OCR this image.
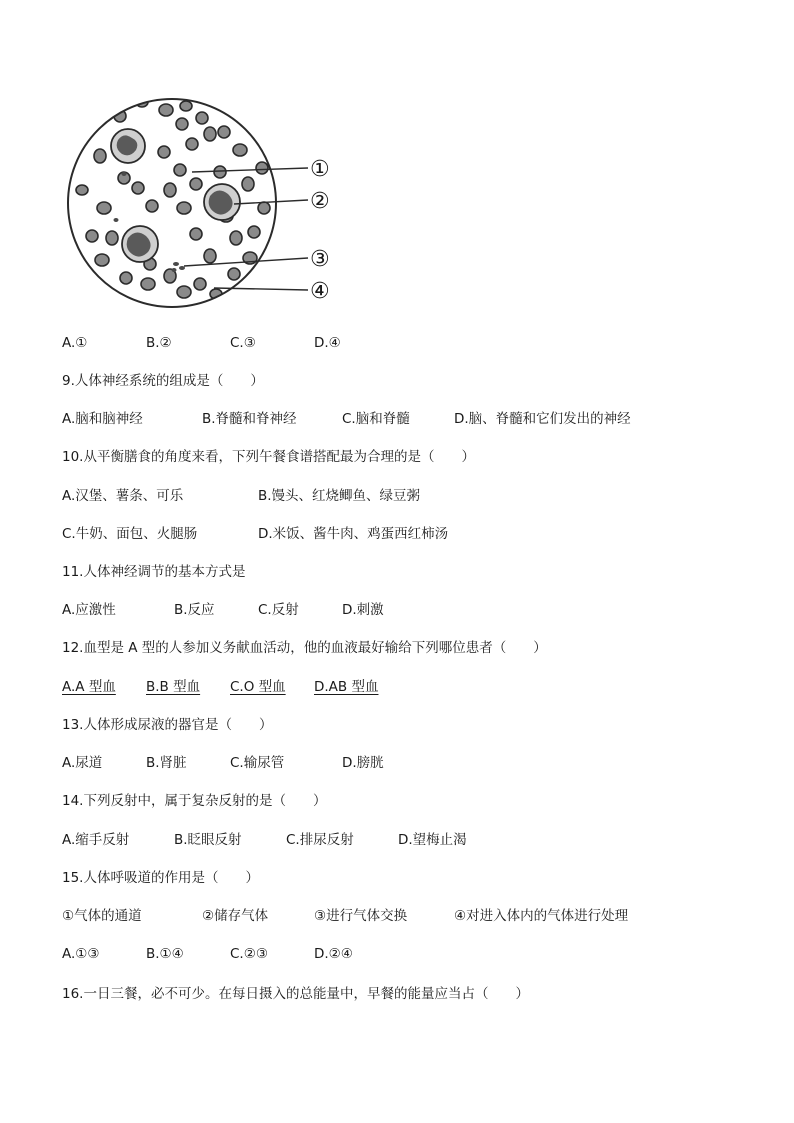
①
②
③
④
A.①	B.②	C.③	D.④
9.人体神经系统的组成是（　　）
A.脑和脑神经	B.脊髓和脊神经	C.脑和脊髓	D.脑、脊髓和它们发出的神经
10.从平衡膳食的角度来看，下列午餐食谱搭配最为合理的是（　　）
A.汉堡、薯条、可乐	B.馒头、红烧鲫鱼、绿豆粥
C.牛奶、面包、火腿肠	D.米饭、酱牛肉、鸡蛋西红柿汤
11.人体神经调节的基本方式是
A.应激性	B.反应	C.反射	D.刺激
12.血型是 A 型的人参加义务献血活动，他的血液最好输给下列哪位患者（　　）
A.A 型血 B.B 型血 C.O 型血 D.AB 型血
13.人体形成尿液的器官是（　　）
A.尿道	B.肾脏	C.输尿管	D.膀胱
14.下列反射中，属于复杂反射的是（　　）
A.缩手反射	B.眨眼反射	C.排尿反射	D.望梅止渴
15.人体呼吸道的作用是（　　）
①气体的通道	②储存气体	③进行气体交换	④对进入体内的气体进行处理
A.①③	B.①④	C.②③	D.②④
16.一日三餐，必不可少。在每日摄入的总能量中，早餐的能量应当占（　　）
